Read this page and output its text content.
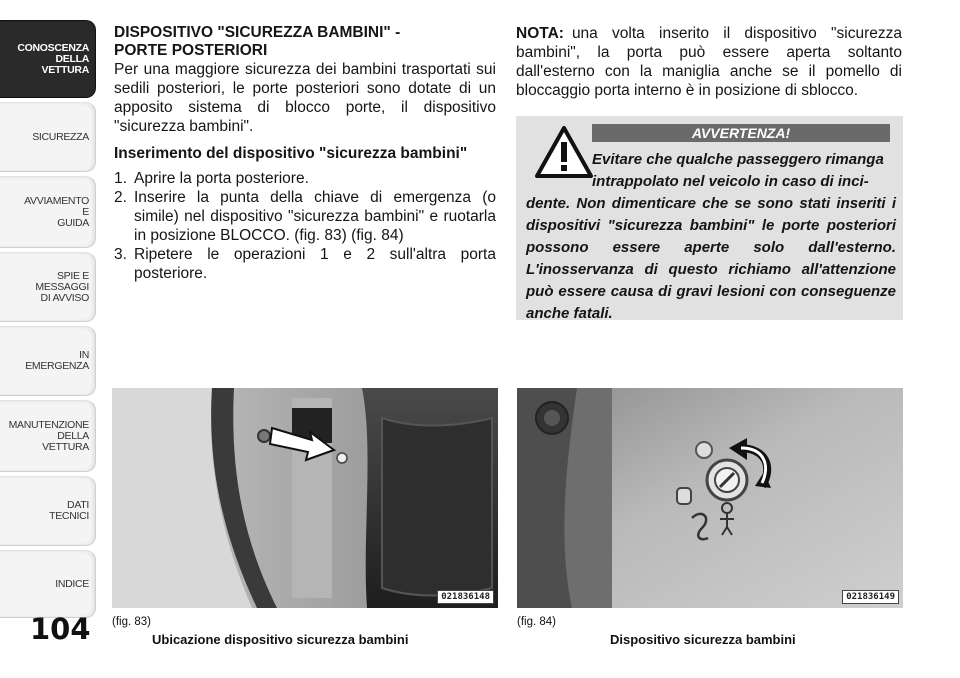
CONOSCENZA
DELLA
VETTURA
SICUREZZA
AVVIAMENTO
E
GUIDA
SPIE E
MESSAGGI
DI AVVISO
IN
EMERGENZA
MANUTENZIONE
DELLA
VETTURA
DATI
TECNICI
INDICE
104
DISPOSITIVO "SICUREZZA BAMBINI" -
PORTE POSTERIORI

Per una maggiore sicurezza dei bambini trasportati sui sedili posteriori, le porte posteriori sono dotate di un apposito sistema di blocco porte, il dispositivo "sicurezza bambini".

Inserimento del dispositivo "sicurezza bambini"
1. Aprire la porta posteriore.
2. Inserire la punta della chiave di emergenza (o simile) nel dispositivo "sicurezza bambini" e ruotarla in posizione BLOCCO. (fig. 83) (fig. 84)
3. Ripetere le operazioni 1 e 2 sull'altra porta posteriore.

NOTA: una volta inserito il dispositivo "sicurezza bambini", la porta può essere aperta soltanto dall'esterno con la maniglia anche se il pomello di bloccaggio porta interno è in posizione di sblocco.

AVVERTENZA!
Evitare che qualche passeggero rimanga
intrappolato nel veicolo in caso di inci-
dente. Non dimenticare che se sono stati inseriti i dispositivi "sicurezza bambini" le porte posteriori possono essere aperte solo dall'esterno. L'inosservanza di questo richiamo all'attenzione può essere causa di gravi lesioni con conseguenze anche fatali.
021836148	021836149
(fig. 83)
Ubicazione dispositivo sicurezza bambini
(fig. 84)
Dispositivo sicurezza bambini
